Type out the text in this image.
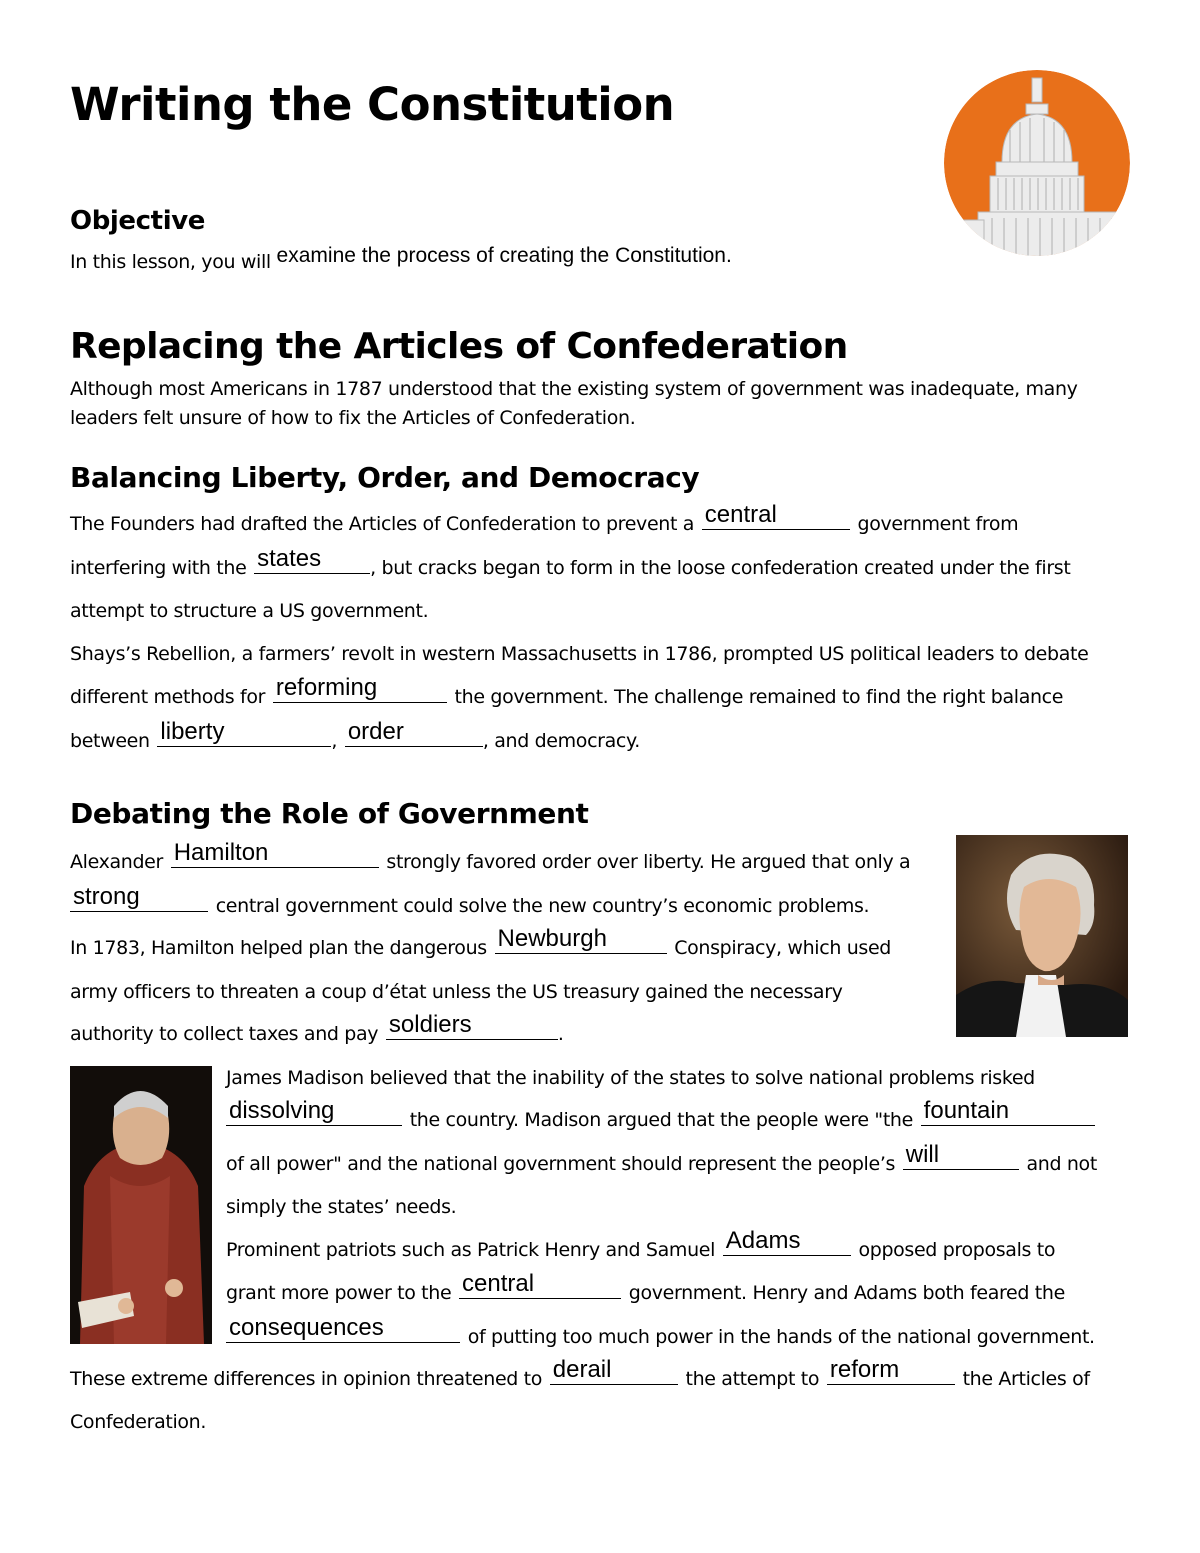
Writing the Constitution
Objective
In this lesson, you will examine the process of creating the Constitution.
Replacing the Articles of Confederation
Although most Americans in 1787 understood that the existing system of government was inadequate, many
leaders felt unsure of how to fix the Articles of Confederation.
Balancing Liberty, Order, and Democracy
The Founders had drafted the Articles of Confederation to prevent a central	government from
interfering with the states	, but cracks began to form in the loose confederation created under the first
attempt to structure a US government.
Shays’s Rebellion, a farmers’ revolt in western Massachusetts in 1786, prompted US political leaders to debate
different methods for reforming	the government. The challenge remained to find the right balance
between liberty	, order	, and democracy.
Debating the Role of Government
Alexander Hamilton	strongly favored order over liberty. He argued that only a
strong	central government could solve the new country’s economic problems.
In 1783, Hamilton helped plan the dangerous Newburgh	Conspiracy, which used
army officers to threaten a coup d’état unless the US treasury gained the necessary
authority to collect taxes and pay soldiers	.
James Madison believed that the inability of the states to solve national problems risked
dissolving	the country. Madison argued that the people were "the fountain
of all power" and the national government should represent the people’s will	and not
simply the states’ needs.
Prominent patriots such as Patrick Henry and Samuel Adams	opposed proposals to
grant more power to the central	government. Henry and Adams both feared the
consequences	of putting too much power in the hands of the national government.
These extreme differences in opinion threatened to derail	the attempt to reform	the Articles of
Confederation.
